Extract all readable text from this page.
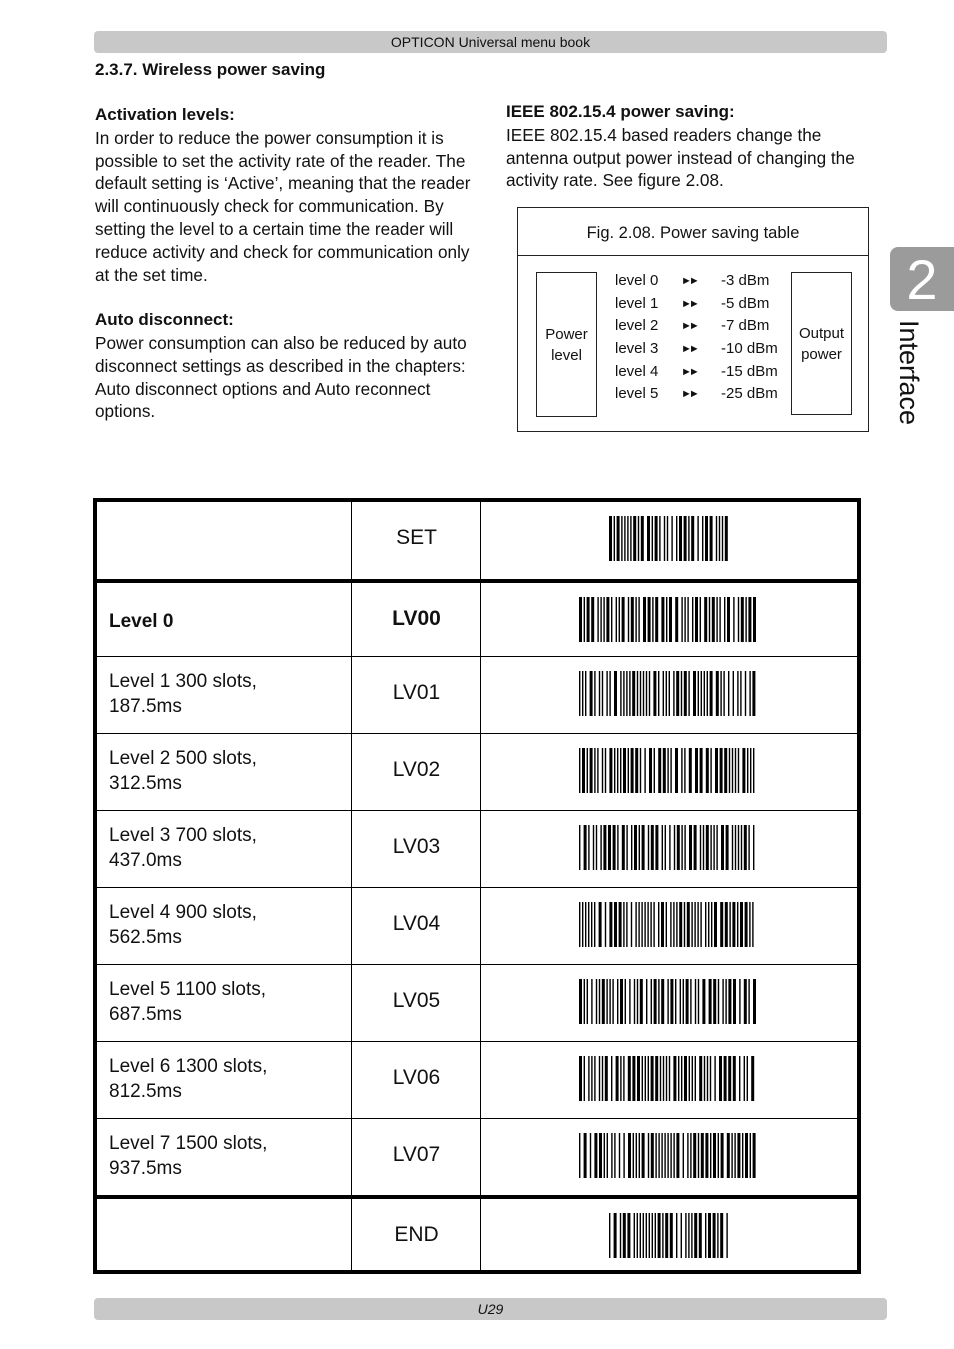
OPTICON Universal menu book
2.3.7. Wireless power saving
Activation levels:

In order to reduce the power consumption it is possible to set the activity rate of the reader. The default setting is ‘Active’, meaning that the reader will continuously check for communication. By setting the level to a certain time the reader will reduce activity and check for communication only at the set time.

Auto disconnect:

Power consumption can also be reduced by auto disconnect settings as described in the chapters: Auto disconnect options and Auto reconnect options.

IEEE 802.15.4 power saving:

IEEE 802.15.4 based readers change the antenna output power instead of changing the activity rate. See figure 2.08.

Fig. 2.08. Power saving table
Power level
Output power
level 0 ►► -3 dBm
level 1 ►► -5 dBm
level 2 ►► -7 dBm
level 3 ►► -10 dBm
level 4 ►► -15 dBm
level 5 ►► -25 dBm
2
Interface
SET
Level 0	LV00
Level 1 300 slots, 187.5ms
LV01
Level 2 500 slots, 312.5ms
LV02
Level 3 700 slots, 437.0ms
LV03
Level 4 900 slots, 562.5ms
LV04
Level 5 1100 slots, 687.5ms
LV05
Level 6 1300 slots, 812.5ms
LV06
Level 7 1500 slots, 937.5ms
LV07
END
U29
